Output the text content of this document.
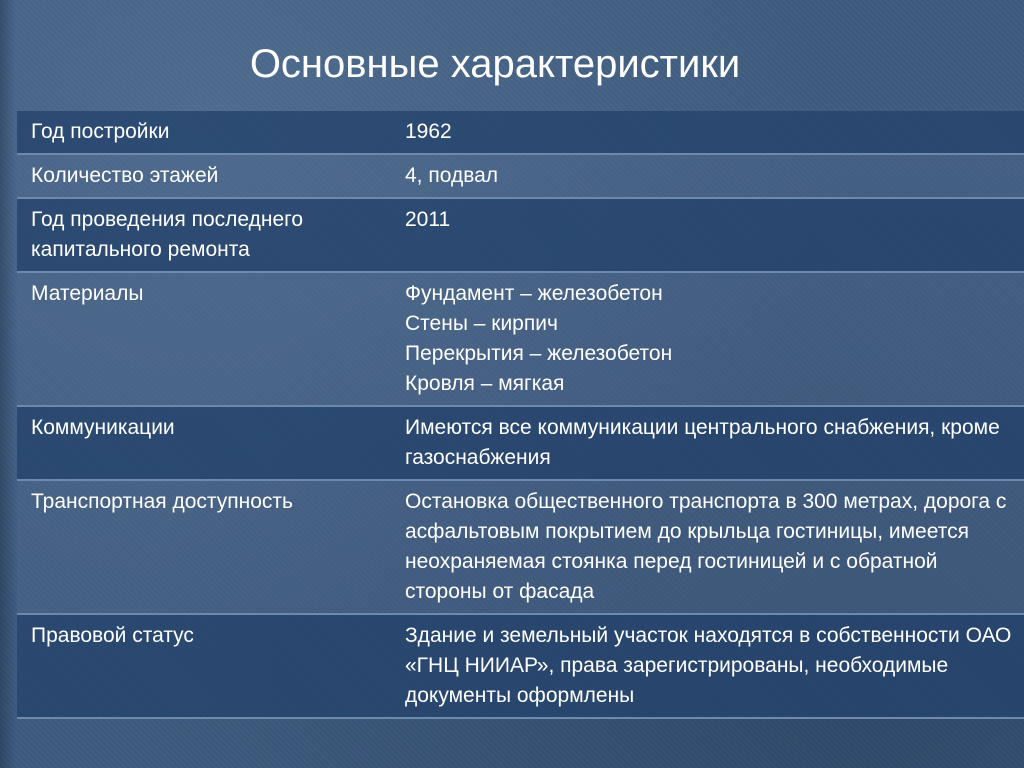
Основные характеристики
Год постройки	1962

Количество этажей	4, подвал

Год проведения последнего капитального ремонта	2011

Материалы	Фундамент – железобетон
Стены – кирпич
Перекрытия – железобетон
Кровля – мягкая

Коммуникации	Имеются все коммуникации центрального снабжения, кроме газоснабжения

Транспортная доступность	Остановка общественного транспорта в 300 метрах, дорога с асфальтовым покрытием до крыльца гостиницы, имеется неохраняемая стоянка перед гостиницей и с обратной стороны от фасада

Правовой статус	Здание и земельный участок находятся в собственности ОАО «ГНЦ НИИАР», права зарегистрированы, необходимые документы оформлены
